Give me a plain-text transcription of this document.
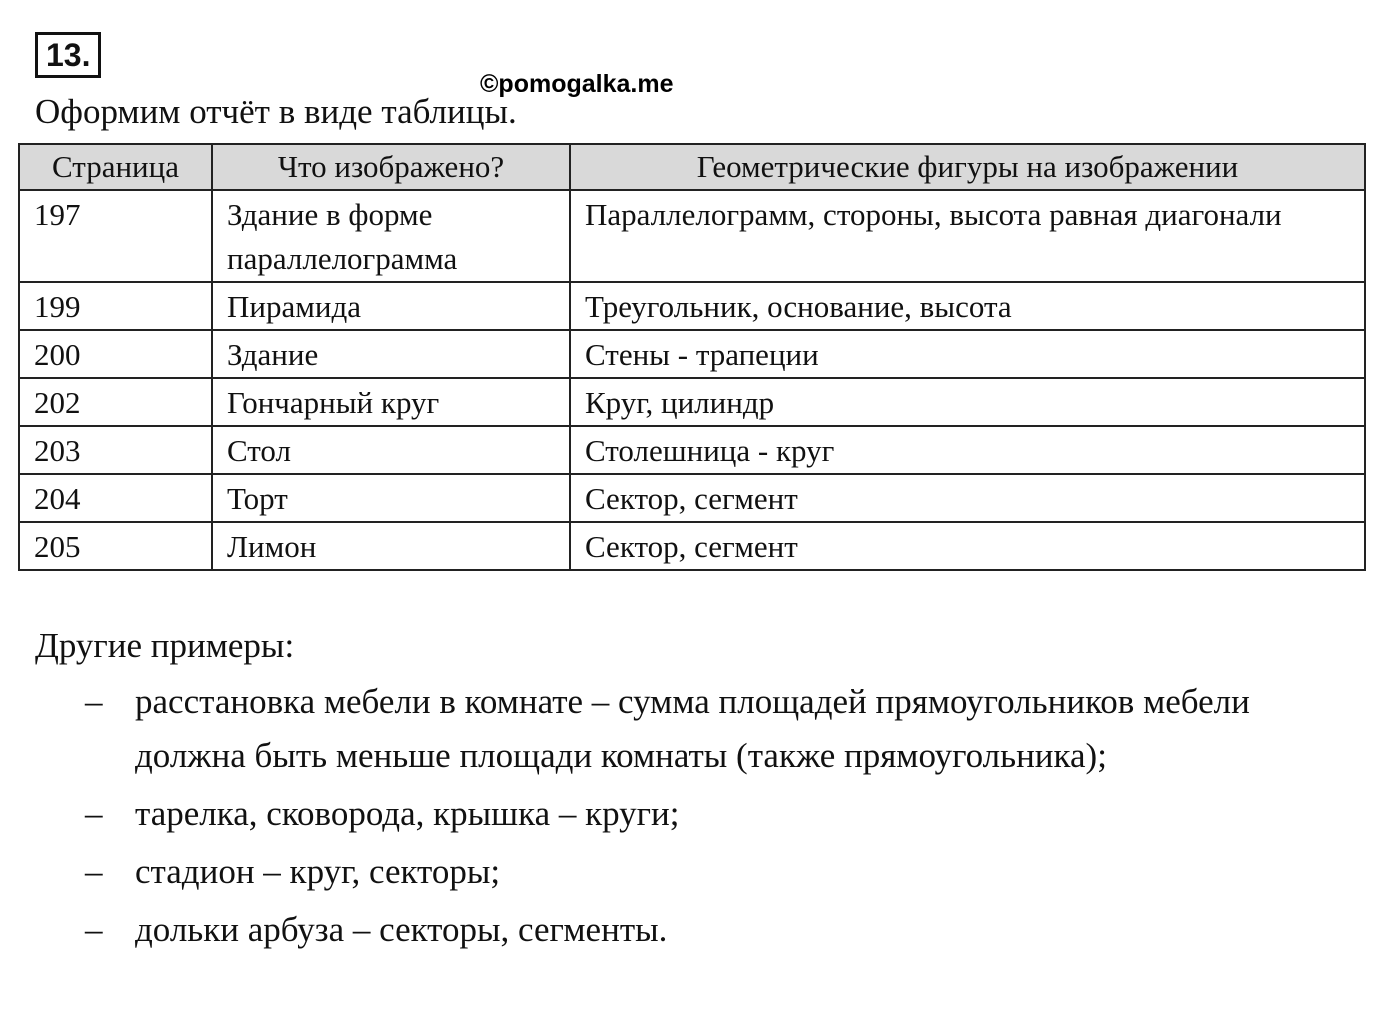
13.
©pomogalka.me
Оформим отчёт в виде таблицы.
Страница	Что изображено?	Геометрические фигуры на изображении
197	Здание в форме параллелограмма	Параллелограмм, стороны, высота равная диагонали
199	Пирамида	Треугольник, основание, высота
200	Здание	Стены - трапеции
202	Гончарный круг	Круг, цилиндр
203	Стол	Столешница - круг
204	Торт	Сектор, сегмент
205	Лимон	Сектор, сегмент
Другие примеры:
– расстановка мебели в комнате – сумма площадей прямоугольников мебели должна быть меньше площади комнаты (также прямоугольника);
– тарелка, сковорода, крышка – круги;
– стадион – круг, секторы;
– дольки арбуза – секторы, сегменты.
